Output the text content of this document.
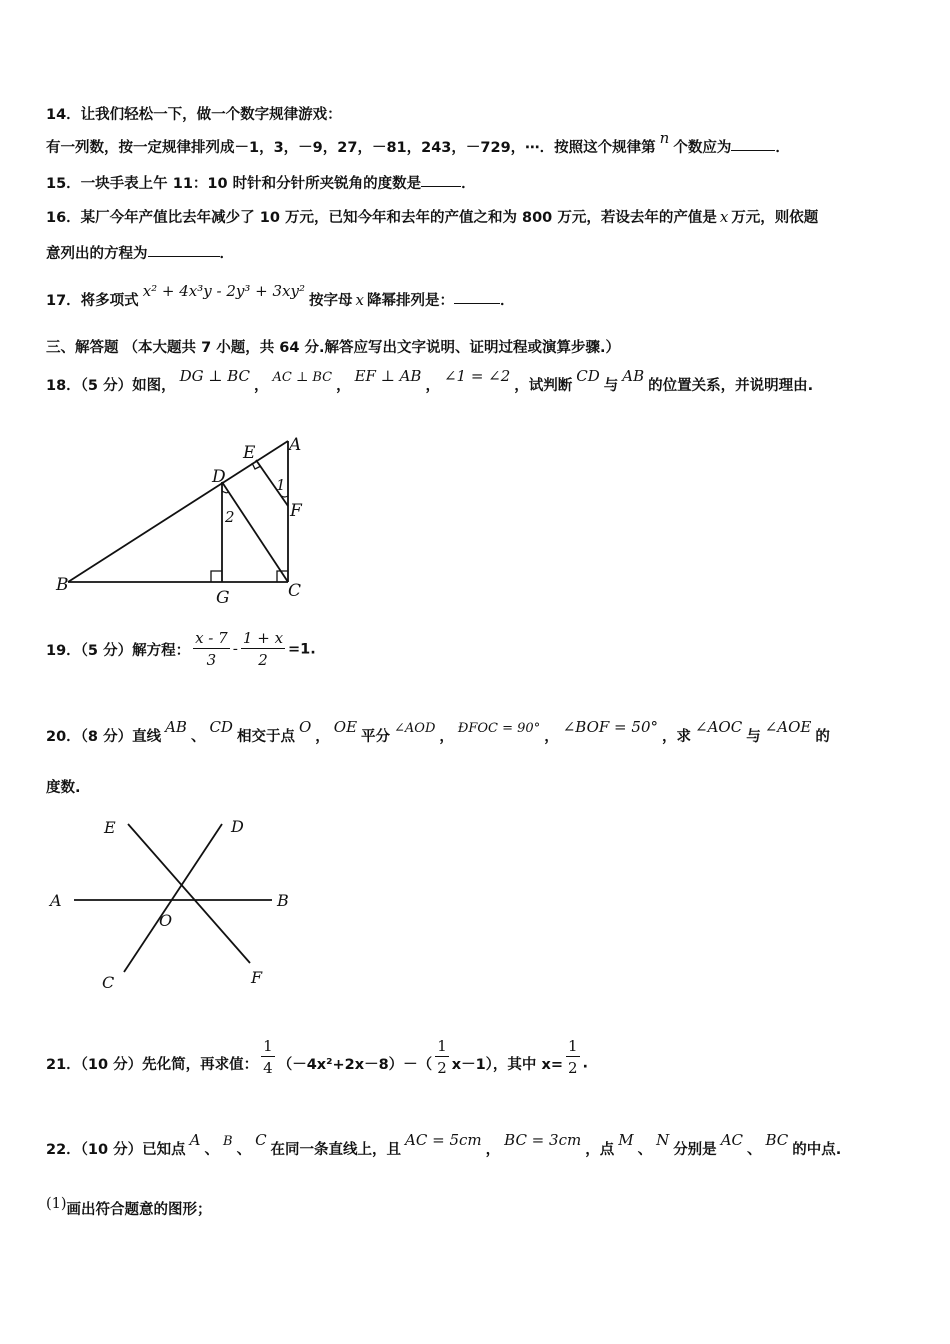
14．让我们轻松一下，做一个数字规律游戏：
有一列数，按一定规律排列成－1，3，－9，27，－81，243，－729，⋯．按照这个规律第n个数应为	．
15．一块手表上午 11：10 时针和分针所夹锐角的度数是	．
16．某厂今年产值比去年减少了 10 万元，已知今年和去年的产值之和为 800 万元，若设去年的产值是 x 万元，则依题
意列出的方程为	．
17．将多项式x² + 4x³y - 2y³ + 3xy²按字母 x 降幂排列是：	．
三、解答题 （本大题共 7 小题，共 64 分.解答应写出文字说明、证明过程或演算步骤.）
18．（5 分）如图，DG ⊥ BC，AC ⊥ BC，EF ⊥ AB，∠1 = ∠2，试判断CD与AB的位置关系，并说明理由.
A
B	C
D
E
F
G
1
2
19．（5 分）解方程： $\frac{x - 7}{3} - \frac{1 + x}{2} =1$.
20．（8 分）直线AB、CD相交于点O，OE平分∠AOD，ÐFOC = 90°，∠BOF = 50°，求∠AOC与∠AOE的
度数.
A	B
C
D
E
F
O
21．（10 分）先化简，再求值： $\frac{1}{4} (-4x^2+2x-8)-( \frac{1}{2} x-1)$，其中 $x= \frac{1}{2}$ .
22．（10 分）已知点A、B、C在同一条直线上，且AC = 5cm，BC = 3cm，点M、N分别是AC、BC的中点.
(1)画出符合题意的图形；
